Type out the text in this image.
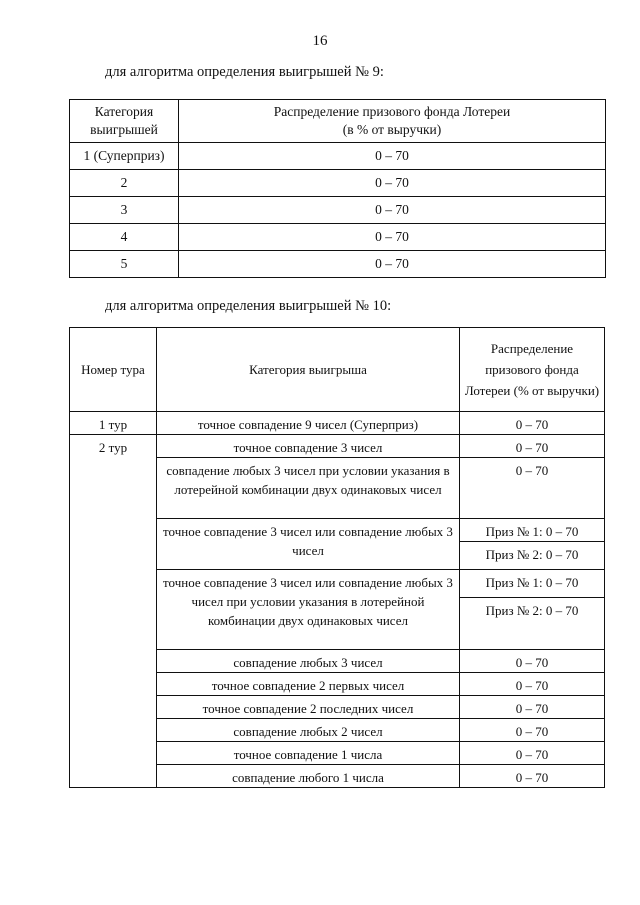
16
для алгоритма определения выигрышей № 9:
Категория
выигрышей	Распределение призового фонда Лотереи
(в % от выручки)
1 (Суперприз)	0 – 70
2	0 – 70
3	0 – 70
4	0 – 70
5	0 – 70
для алгоритма определения выигрышей № 10:
Номер тура	Категория выигрыша	Распределение призового фонда Лотереи (% от выручки)
1 тур	точное совпадение 9 чисел (Суперприз)	0 – 70
2 тур	точное совпадение 3 чисел	0 – 70
	совпадение любых 3 чисел при условии указания в лотерейной комбинации двух одинаковых чисел	0 – 70
	точное совпадение 3 чисел или совпадение любых 3 чисел	Приз № 1: 0 – 70
		Приз № 2: 0 – 70
	точное совпадение 3 чисел или совпадение любых 3 чисел при условии указания в лотерейной комбинации двух одинаковых чисел	Приз № 1: 0 – 70
		Приз № 2: 0 – 70
	совпадение любых 3 чисел	0 – 70
	точное совпадение 2 первых чисел	0 – 70
	точное совпадение 2 последних чисел	0 – 70
	совпадение любых 2 чисел	0 – 70
	точное совпадение 1 числа	0 – 70
	совпадение любого 1 числа	0 – 70
